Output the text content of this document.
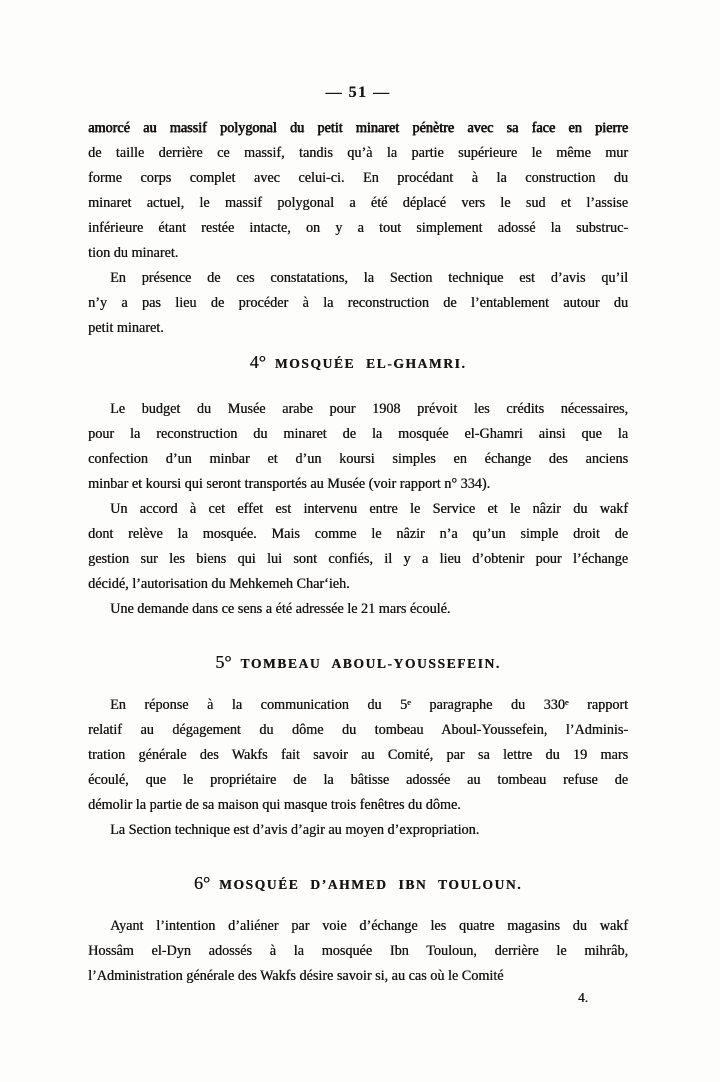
— 51 —
amorcé au massif polygonal du petit minaret pénètre avec sa face en pierre
de taille derrière ce massif, tandis qu’à la partie supérieure le même mur
forme corps complet avec celui-ci. En procédant à la construction du
minaret actuel, le massif polygonal a été déplacé vers le sud et l’assise
inférieure étant restée intacte, on y a tout simplement adossé la substruc-
tion du minaret.
En présence de ces constatations, la Section technique est d’avis qu’il
n’y a pas lieu de procéder à la reconstruction de l’entablement autour du
petit minaret.
4° MOSQUÉE EL-GHAMRI.
Le budget du Musée arabe pour 1908 prévoit les crédits nécessaires,
pour la reconstruction du minaret de la mosquée el-Ghamri ainsi que la
confection d’un minbar et d’un koursi simples en échange des anciens
minbar et koursi qui seront transportés au Musée (voir rapport n° 334).
Un accord à cet effet est intervenu entre le Service et le nâzir du wakf
dont relève la mosquée. Mais comme le nâzir n’a qu’un simple droit de
gestion sur les biens qui lui sont confiés, il y a lieu d’obtenir pour l’échange
décidé, l’autorisation du Mehkemeh Char‘ieh.
Une demande dans ce sens a été adressée le 21 mars écoulé.
5° TOMBEAU ABOUL-YOUSSEFEIN.
En réponse à la communication du 5ᵉ paragraphe du 330ᵉ rapport
relatif au dégagement du dôme du tombeau Aboul-Youssefein, l’Adminis-
tration générale des Wakfs fait savoir au Comité, par sa lettre du 19 mars
écoulé, que le propriétaire de la bâtisse adossée au tombeau refuse de
démolir la partie de sa maison qui masque trois fenêtres du dôme.
La Section technique est d’avis d’agir au moyen d’expropriation.
6° MOSQUÉE D’AHMED IBN TOULOUN.
Ayant l’intention d’aliéner par voie d’échange les quatre magasins du wakf
Hossâm el-Dyn adossés à la mosquée Ibn Touloun, derrière le mihrâb,
l’Administration générale des Wakfs désire savoir si, au cas où le Comité
4.
